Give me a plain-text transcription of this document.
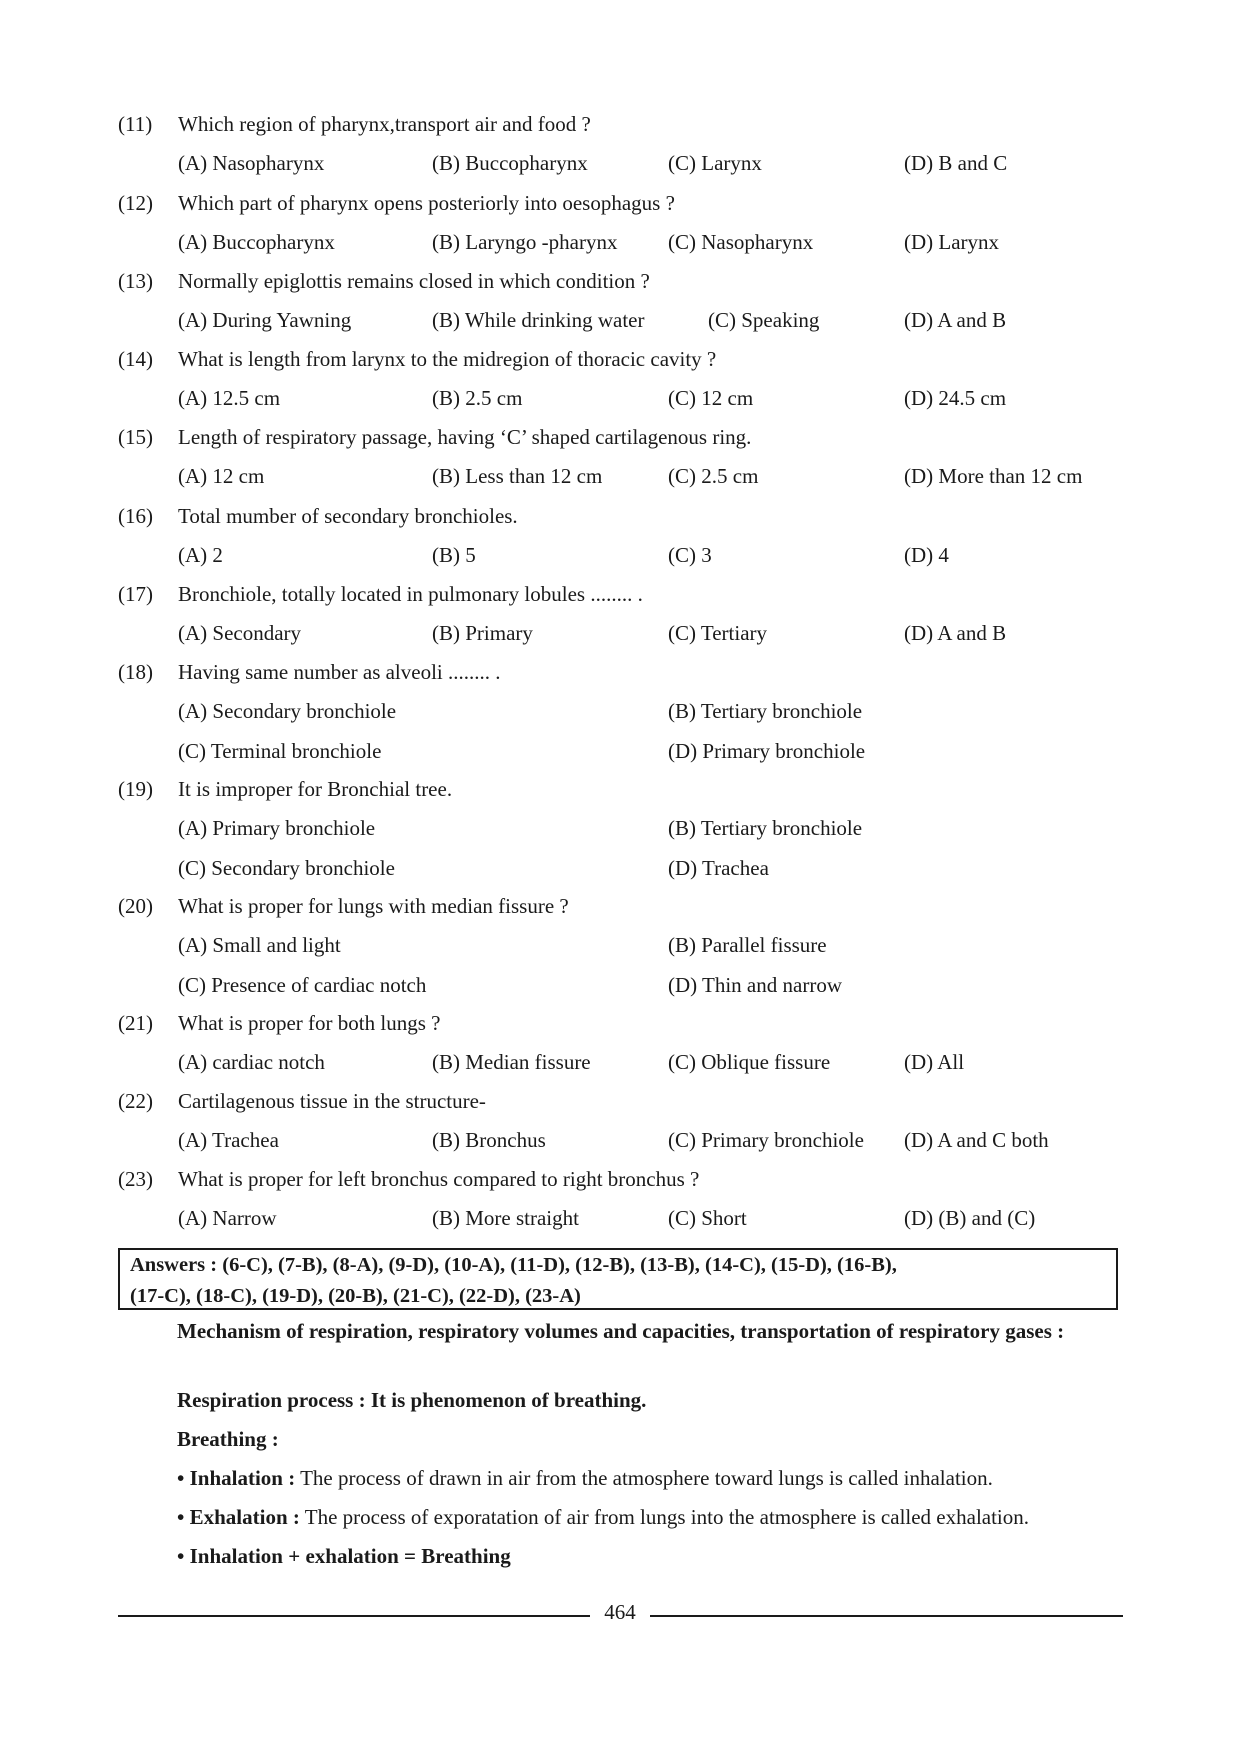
(11) Which region of pharynx,transport air and food ?
(A) Nasopharynx	(B) Buccopharynx	(C) Larynx	(D) B and C
(12) Which part of pharynx opens posteriorly into oesophagus ?
(A) Buccopharynx	(B) Laryngo -pharynx (C) Nasopharynx	(D) Larynx
(13) Normally epiglottis remains closed in which condition ?
(A) During Yawning	(B) While drinking water	(C) Speaking	(D) A and B
(14) What is length from larynx to the midregion of thoracic cavity ?
(A) 12.5 cm	(B) 2.5 cm	(C) 12 cm	(D) 24.5 cm
(15) Length of respiratory passage, having ‘C’ shaped cartilagenous ring.
(A) 12 cm	(B) Less than 12 cm	(C) 2.5 cm	(D) More than 12 cm
(16) Total mumber of secondary bronchioles.
(A) 2	(B) 5	(C) 3	(D) 4
(17) Bronchiole, totally located in pulmonary lobules ........ .
(A) Secondary	(B) Primary	(C) Tertiary	(D) A and B
(18) Having same number as alveoli ........ .
(A) Secondary bronchiole	(B) Tertiary bronchiole
(C) Terminal bronchiole	(D) Primary bronchiole
(19) It is improper for Bronchial tree.
(A) Primary bronchiole	(B) Tertiary bronchiole
(C) Secondary bronchiole	(D) Trachea
(20) What is proper for lungs with median fissure ?
(A) Small and light	(B) Parallel fissure
(C) Presence of cardiac notch	(D) Thin and narrow
(21) What is proper for both lungs ?
(A) cardiac notch	(B) Median fissure	(C) Oblique fissure	(D) All
(22) Cartilagenous tissue in the structure-
(A) Trachea	(B) Bronchus	(C) Primary bronchiole (D) A and C both
(23) What is proper for left bronchus compared to right bronchus ?
(A) Narrow	(B) More straight	(C) Short	(D) (B) and (C)
Answers : (6-C), (7-B), (8-A), (9-D), (10-A), (11-D), (12-B), (13-B), (14-C), (15-D), (16-B),
(17-C), (18-C), (19-D), (20-B), (21-C), (22-D), (23-A)
Mechanism of respiration, respiratory volumes and capacities, transportation of respiratory gases :
Respiration process : It is phenomenon of breathing.
Breathing :
• Inhalation : The process of drawn in air from the atmosphere toward lungs is called inhalation.
• Exhalation : The process of exporatation of air from lungs into the atmosphere is called exhalation.
• Inhalation + exhalation = Breathing
464
